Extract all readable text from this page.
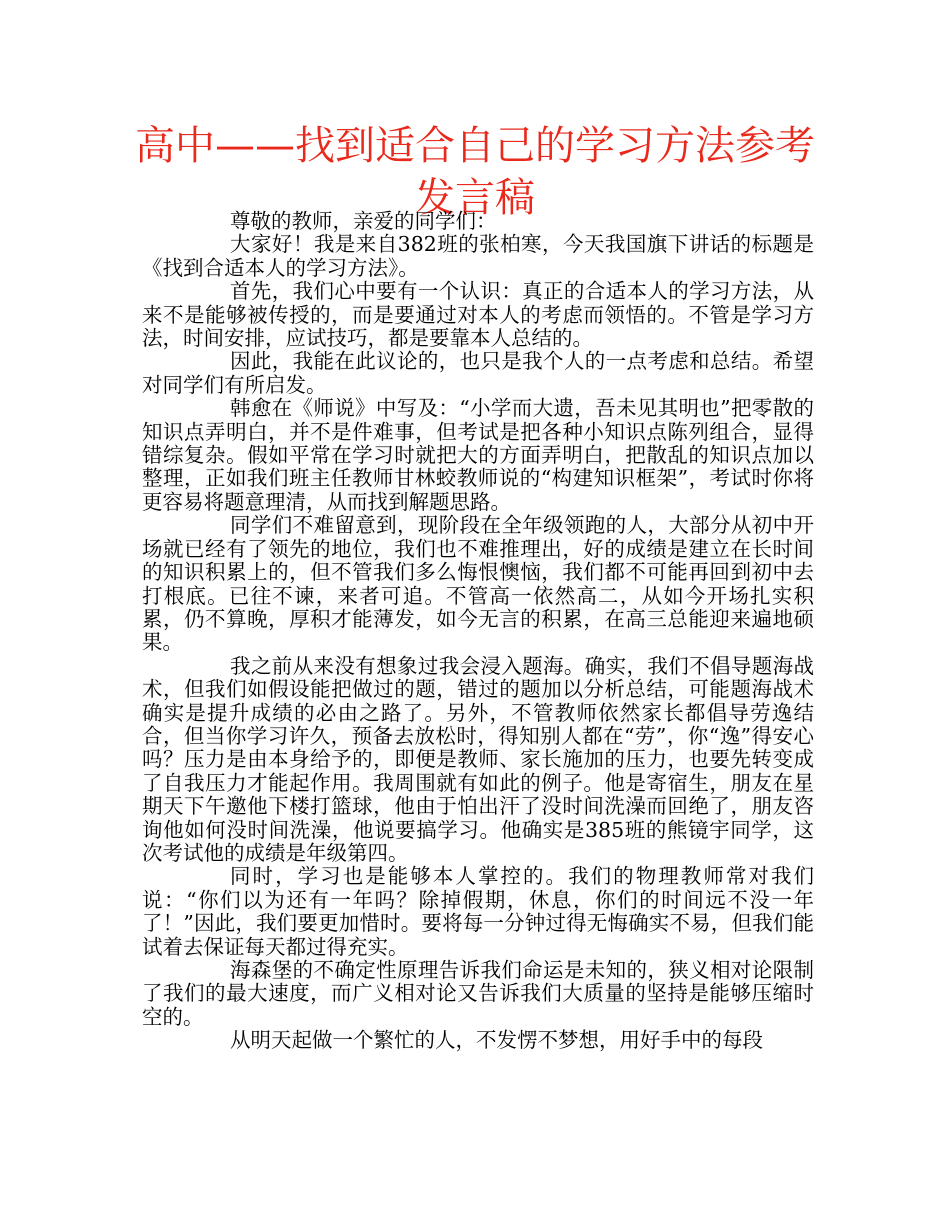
高中——找到适合自己的学习方法参考发言稿

尊敬的教师，亲爱的同学们：

大家好！我是来自382班的张柏寒，今天我国旗下讲话的标题是《找到合适本人的学习方法》。

首先，我们心中要有一个认识：真正的合适本人的学习方法，从来不是能够被传授的，而是要通过对本人的考虑而领悟的。不管是学习方法，时间安排，应试技巧，都是要靠本人总结的。

因此，我能在此议论的，也只是我个人的一点考虑和总结。希望对同学们有所启发。

韩愈在《师说》中写及：“小学而大遗，吾未见其明也”把零散的知识点弄明白，并不是件难事，但考试是把各种小知识点陈列组合，显得错综复杂。假如平常在学习时就把大的方面弄明白，把散乱的知识点加以整理，正如我们班主任教师甘林蛟教师说的“构建知识框架”，考试时你将更容易将题意理清，从而找到解题思路。

同学们不难留意到，现阶段在全年级领跑的人，大部分从初中开场就已经有了领先的地位，我们也不难推理出，好的成绩是建立在长时间的知识积累上的，但不管我们多么悔恨懊恼，我们都不可能再回到初中去打根底。已往不谏，来者可追。不管高一依然高二，从如今开场扎实积累，仍不算晚，厚积才能薄发，如今无言的积累，在高三总能迎来遍地硕果。

我之前从来没有想象过我会浸入题海。确实，我们不倡导题海战术，但我们如假设能把做过的题，错过的题加以分析总结，可能题海战术确实是提升成绩的必由之路了。另外，不管教师依然家长都倡导劳逸结合，但当你学习许久，预备去放松时，得知别人都在“劳”，你“逸”得安心吗？压力是由本身给予的，即便是教师、家长施加的压力，也要先转变成了自我压力才能起作用。我周围就有如此的例子。他是寄宿生，朋友在星期天下午邀他下楼打篮球，他由于怕出汗了没时间洗澡而回绝了，朋友咨询他如何没时间洗澡，他说要搞学习。他确实是385班的熊镜宇同学，这次考试他的成绩是年级第四。

同时，学习也是能够本人掌控的。我们的物理教师常对我们说：“你们以为还有一年吗？除掉假期，休息，你们的时间远不没一年了！”因此，我们要更加惜时。要将每一分钟过得无悔确实不易，但我们能试着去保证每天都过得充实。

海森堡的不确定性原理告诉我们命运是未知的，狭义相对论限制了我们的最大速度，而广义相对论又告诉我们大质量的坚持是能够压缩时空的。

从明天起做一个繁忙的人，不发愣不梦想，用好手中的每段
